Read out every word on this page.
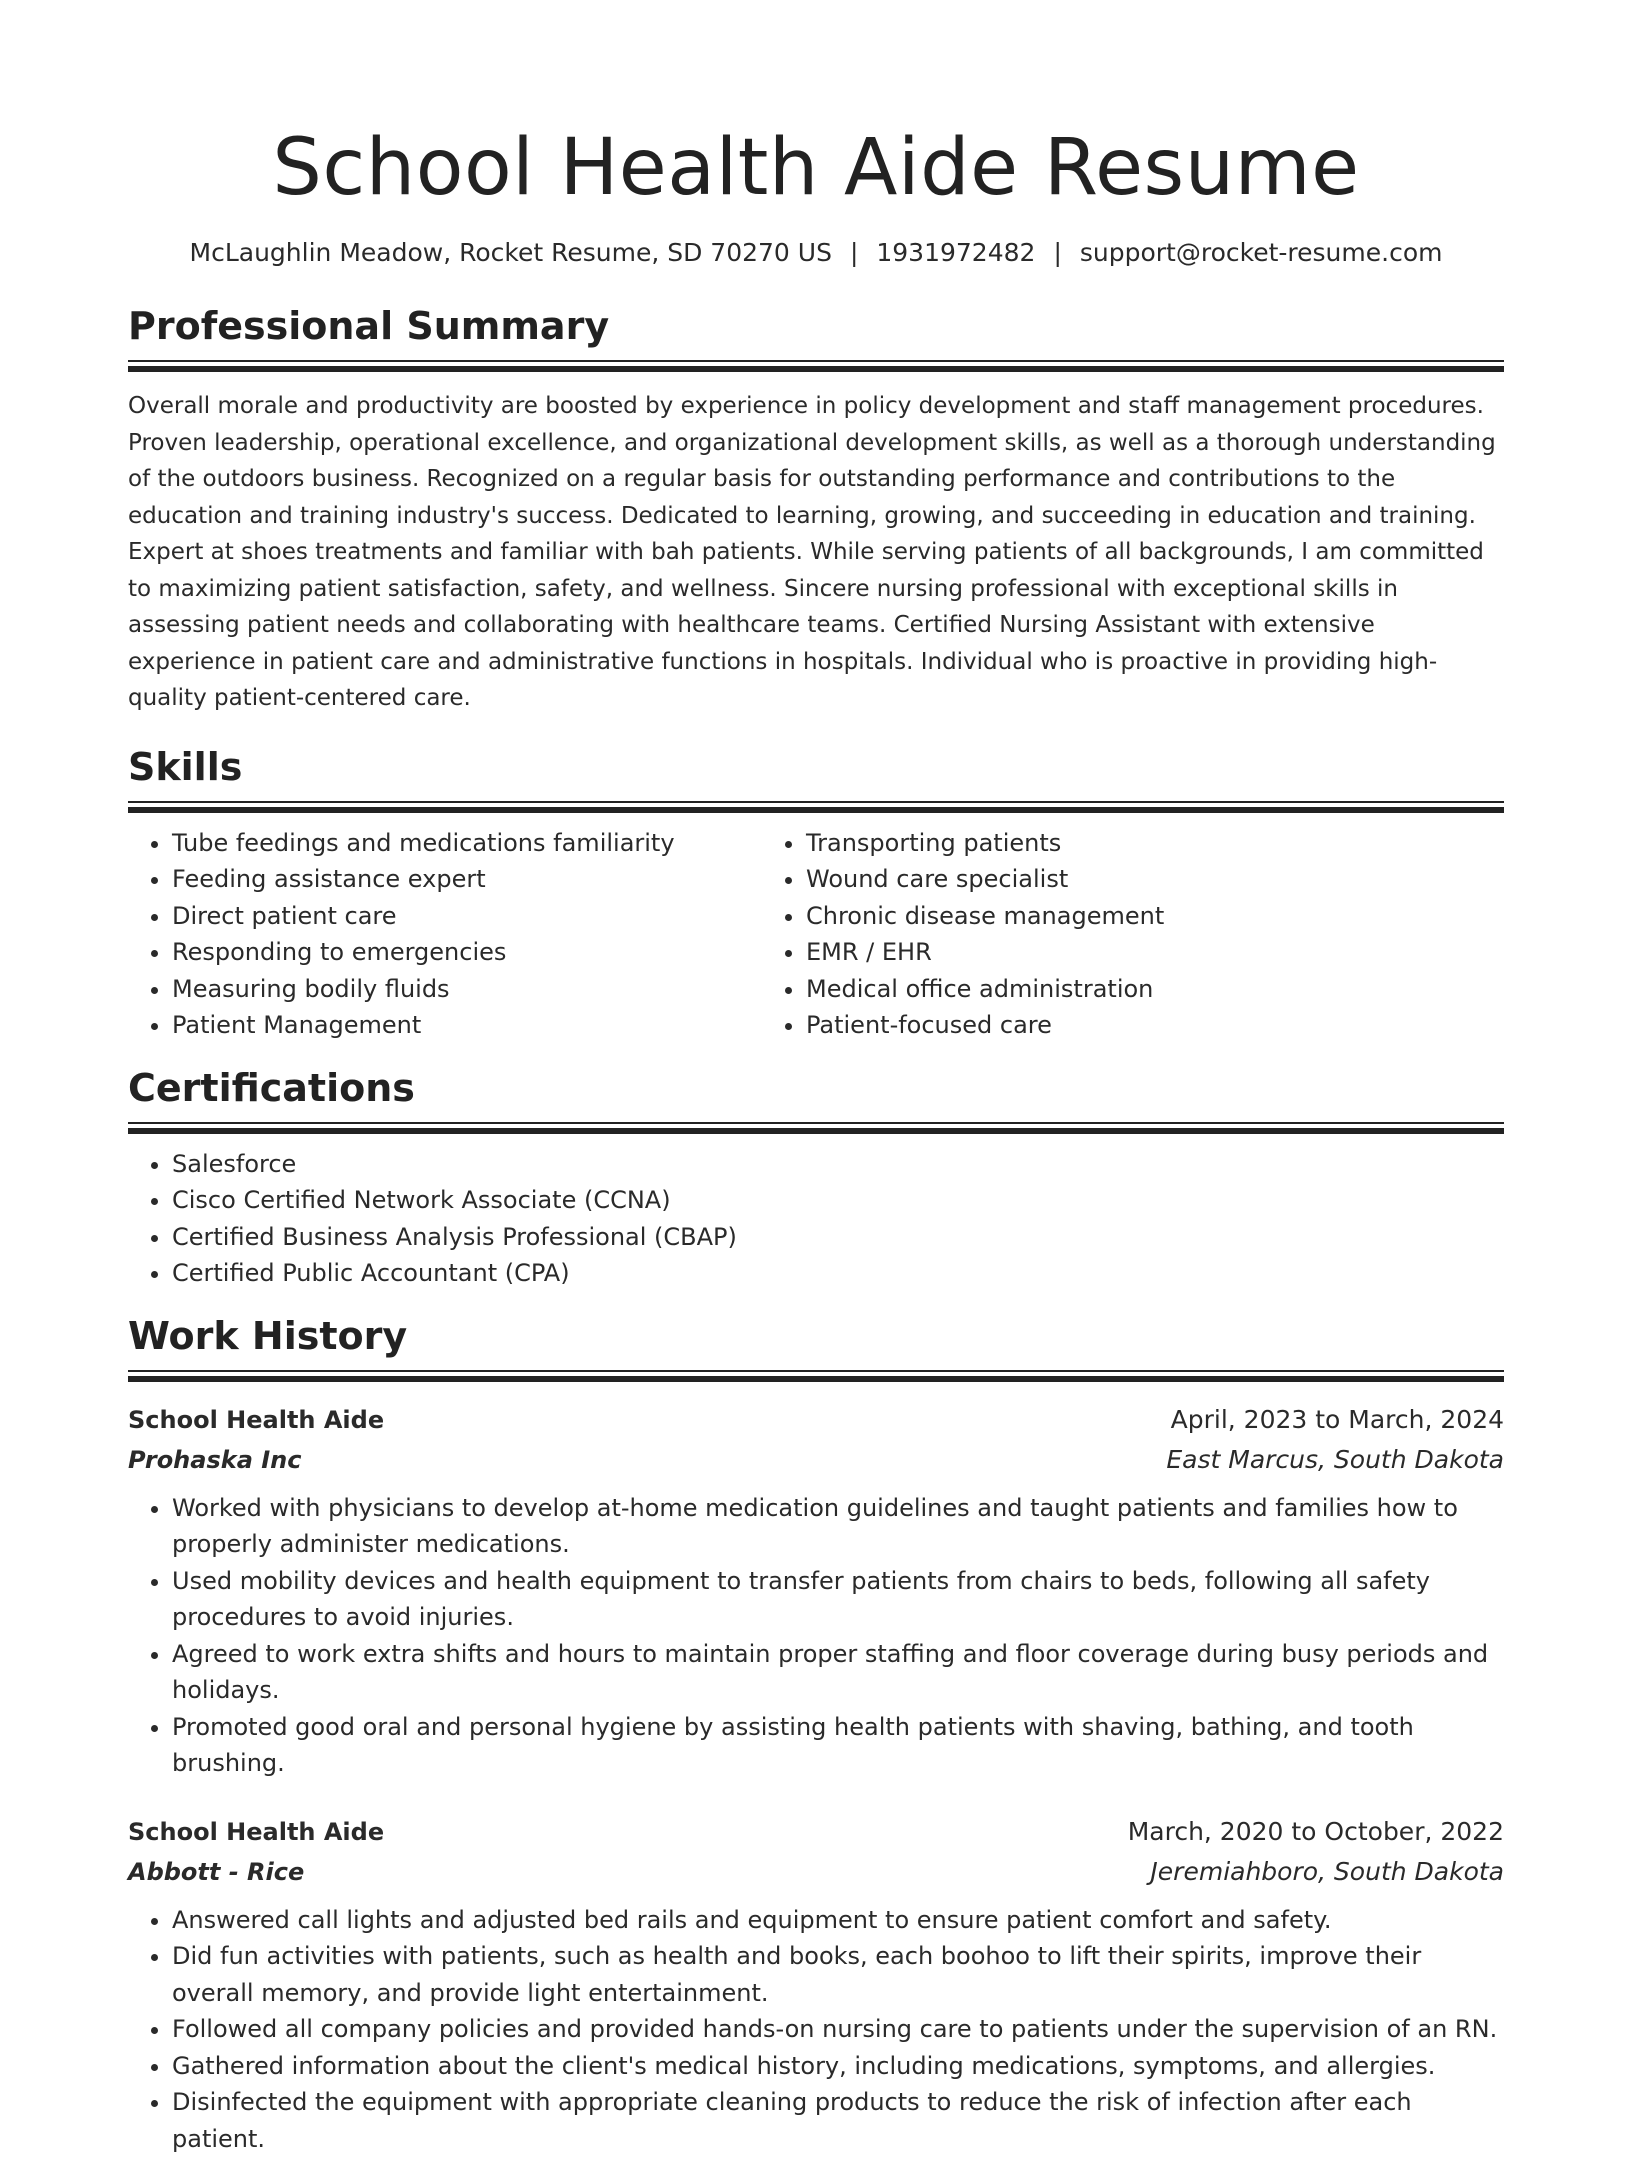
School Health Aide Resume
McLaughlin Meadow, Rocket Resume, SD 70270 US | 1931972482 | support@rocket-resume.com
Professional Summary

Overall morale and productivity are boosted by experience in policy development and staff management procedures. Proven leadership, operational excellence, and organizational development skills, as well as a thorough understanding of the outdoors business. Recognized on a regular basis for outstanding performance and contributions to the education and training industry's success. Dedicated to learning, growing, and succeeding in education and training. Expert at shoes treatments and familiar with bah patients. While serving patients of all backgrounds, I am committed to maximizing patient satisfaction, safety, and wellness. Sincere nursing professional with exceptional skills in assessing patient needs and collaborating with healthcare teams. Certified Nursing Assistant with extensive experience in patient care and administrative functions in hospitals. Individual who is proactive in providing high-quality patient-centered care.

Skills
• Tube feedings and medications familiarity
• Feeding assistance expert
• Direct patient care
• Responding to emergencies
• Measuring bodily fluids
• Patient Management
• Transporting patients
• Wound care specialist
• Chronic disease management
• EMR / EHR
• Medical office administration
• Patient-focused care
Certifications
• Salesforce
• Cisco Certified Network Associate (CCNA)
• Certified Business Analysis Professional (CBAP)
• Certified Public Accountant (CPA)
Work History
School Health Aide	April, 2023 to March, 2024
Prohaska Inc	East Marcus, South Dakota
• Worked with physicians to develop at-home medication guidelines and taught patients and families how to properly administer medications.
• Used mobility devices and health equipment to transfer patients from chairs to beds, following all safety procedures to avoid injuries.
• Agreed to work extra shifts and hours to maintain proper staffing and floor coverage during busy periods and holidays.
• Promoted good oral and personal hygiene by assisting health patients with shaving, bathing, and tooth brushing.
School Health Aide	March, 2020 to October, 2022
Abbott - Rice	Jeremiahboro, South Dakota
• Answered call lights and adjusted bed rails and equipment to ensure patient comfort and safety.
• Did fun activities with patients, such as health and books, each boohoo to lift their spirits, improve their overall memory, and provide light entertainment.
• Followed all company policies and provided hands-on nursing care to patients under the supervision of an RN.
• Gathered information about the client's medical history, including medications, symptoms, and allergies.
• Disinfected the equipment with appropriate cleaning products to reduce the risk of infection after each patient.
